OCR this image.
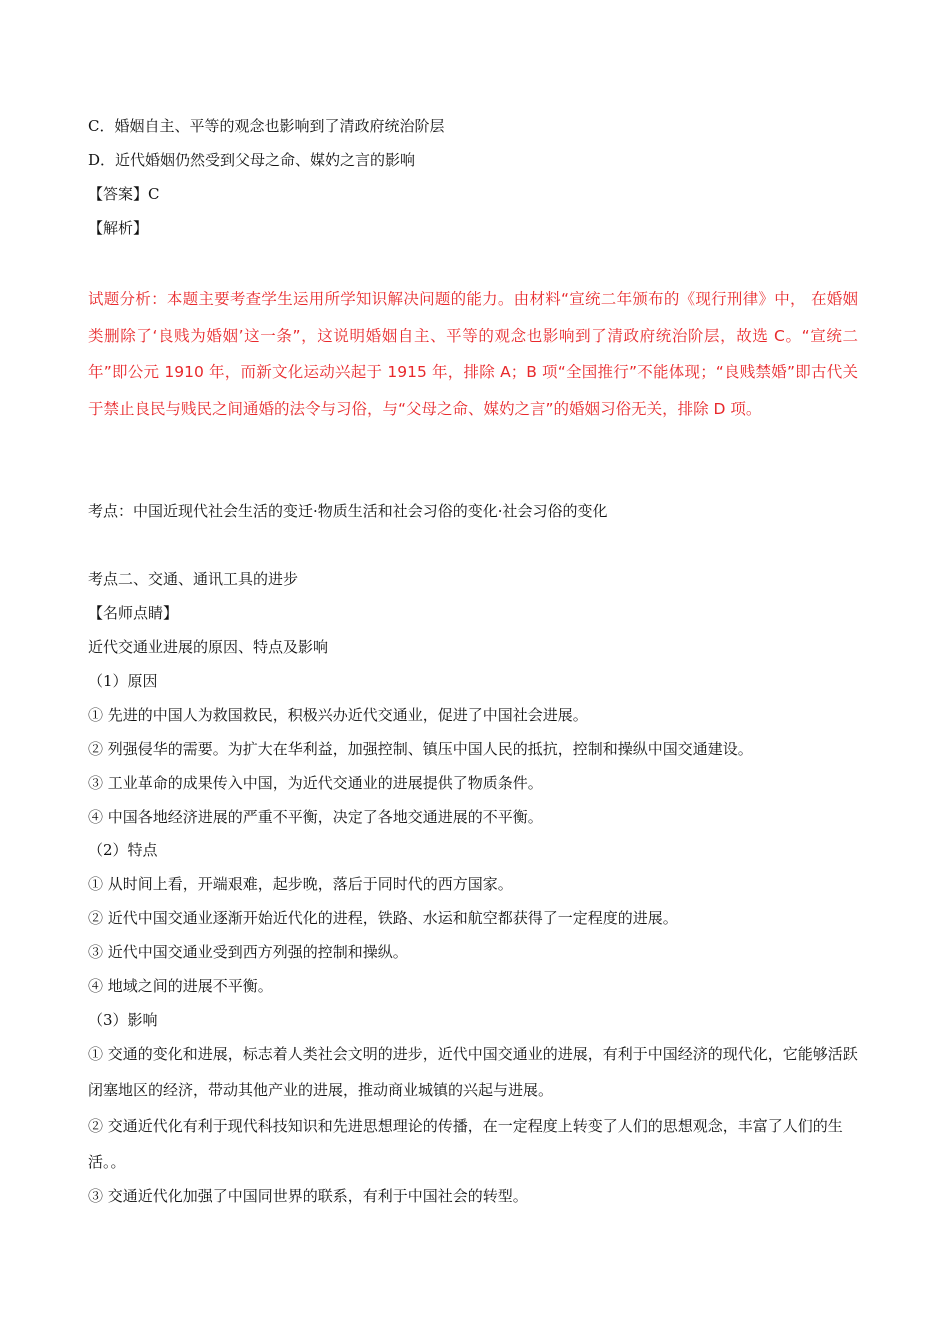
C．婚姻自主、平等的观念也影响到了清政府统治阶层
D．近代婚姻仍然受到父母之命、媒妁之言的影响
【答案】C
【解析】
试题分析：本题主要考查学生运用所学知识解决问题的能力。由材料“宣统二年颁布的《现行刑律》中， 在婚姻类删除了‘良贱为婚姻’这一条”，这说明婚姻自主、平等的观念也影响到了清政府统治阶层，故选 C。“宣统二年”即公元 1910 年，而新文化运动兴起于 1915 年，排除 A；B 项“全国推行”不能体现；“良贱禁婚”即古代关于禁止良民与贱民之间通婚的法令与习俗，与“父母之命、媒妁之言”的婚姻习俗无关，排除 D 项。
考点：中国近现代社会生活的变迁·物质生活和社会习俗的变化·社会习俗的变化
考点二、交通、通讯工具的进步
【名师点睛】
近代交通业进展的原因、特点及影响
（1）原因
① 先进的中国人为救国救民，积极兴办近代交通业，促进了中国社会进展。
② 列强侵华的需要。为扩大在华利益，加强控制、镇压中国人民的抵抗，控制和操纵中国交通建设。
③ 工业革命的成果传入中国，为近代交通业的进展提供了物质条件。
④ 中国各地经济进展的严重不平衡，决定了各地交通进展的不平衡。
（2）特点
① 从时间上看，开端艰难，起步晚，落后于同时代的西方国家。
② 近代中国交通业逐渐开始近代化的进程，铁路、水运和航空都获得了一定程度的进展。
③ 近代中国交通业受到西方列强的控制和操纵。
④ 地域之间的进展不平衡。
（3）影响
① 交通的变化和进展，标志着人类社会文明的进步，近代中国交通业的进展，有利于中国经济的现代化，它能够活跃闭塞地区的经济，带动其他产业的进展，推动商业城镇的兴起与进展。
② 交通近代化有利于现代科技知识和先进思想理论的传播，在一定程度上转变了人们的思想观念，丰富了人们的生活。。
③ 交通近代化加强了中国同世界的联系，有利于中国社会的转型。
